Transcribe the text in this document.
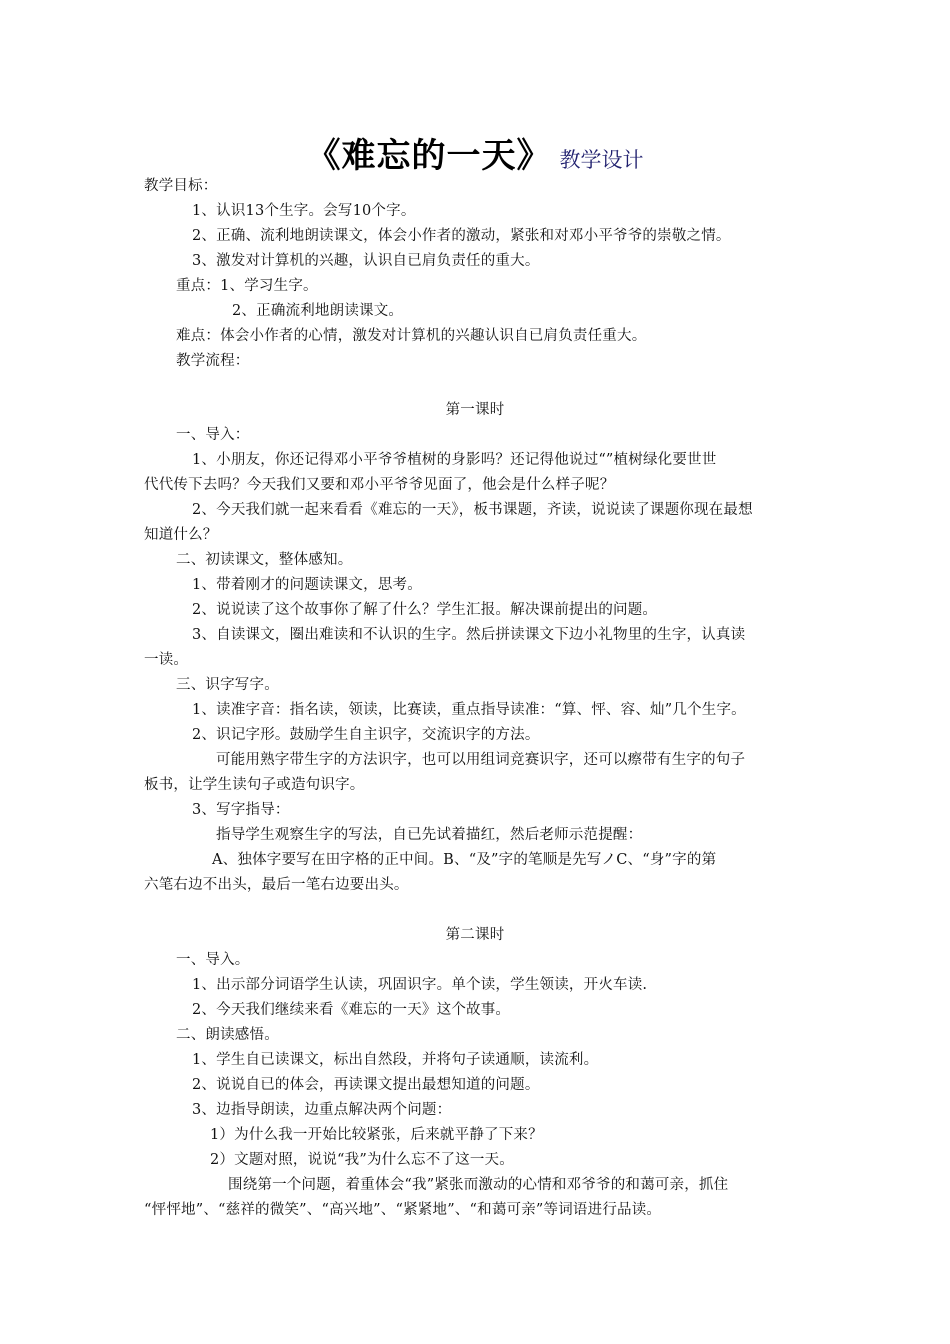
《难忘的一天》 教学设计
教学目标：
1、认识13个生字。会写10个字。
2、正确、流利地朗读课文，体会小作者的激动，紧张和对邓小平爷爷的崇敬之情。
3、激发对计算机的兴趣，认识自已肩负责任的重大。
重点：1、学习生字。
2、正确流利地朗读课文。
难点：体会小作者的心情，激发对计算机的兴趣认识自已肩负责任重大。
教学流程：
第一课时
一、导入：
1、小朋友，你还记得邓小平爷爷植树的身影吗？还记得他说过“”植树绿化要世世
代代传下去吗？今天我们又要和邓小平爷爷见面了，他会是什么样子呢？
2、今天我们就一起来看看《难忘的一天》，板书课题，齐读，说说读了课题你现在最想
知道什么？
二、初读课文，整体感知。
1、带着刚才的问题读课文，思考。
2、说说读了这个故事你了解了什么？学生汇报。解决课前提出的问题。
3、自读课文，圈出难读和不认识的生字。然后拼读课文下边小礼物里的生字，认真读
一读。
三、识字写字。
1、读准字音：指名读，领读，比赛读，重点指导读准：“算、怦、容、灿”几个生字。
2、识记字形。鼓励学生自主识字，交流识字的方法。
可能用熟字带生字的方法识字，也可以用组词竞赛识字，还可以瘵带有生字的句子
板书，让学生读句子或造句识字。
3、写字指导：
指导学生观察生字的写法，自已先试着描红，然后老师示范提醒：
A、独体字要写在田字格的正中间。B、“及”字的笔顺是先写ノC、“身”字的第
六笔右边不出头，最后一笔右边要出头。
第二课时
一、导入。
1、出示部分词语学生认读，巩固识字。单个读，学生领读，开火车读.
2、今天我们继续来看《难忘的一天》这个故事。
二、朗读感悟。
1、学生自已读课文，标出自然段，并将句子读通顺，读流利。
2、说说自已的体会，再读课文提出最想知道的问题。
3、边指导朗读，边重点解决两个问题：
1）为什么我一开始比较紧张，后来就平静了下来？
2）文题对照，说说“我”为什么忘不了这一天。
围绕第一个问题，着重体会“我”紧张而激动的心情和邓爷爷的和蔼可亲，抓住
“怦怦地”、“慈祥的微笑”、“高兴地”、“紧紧地”、“和蔼可亲”等词语进行品读。
